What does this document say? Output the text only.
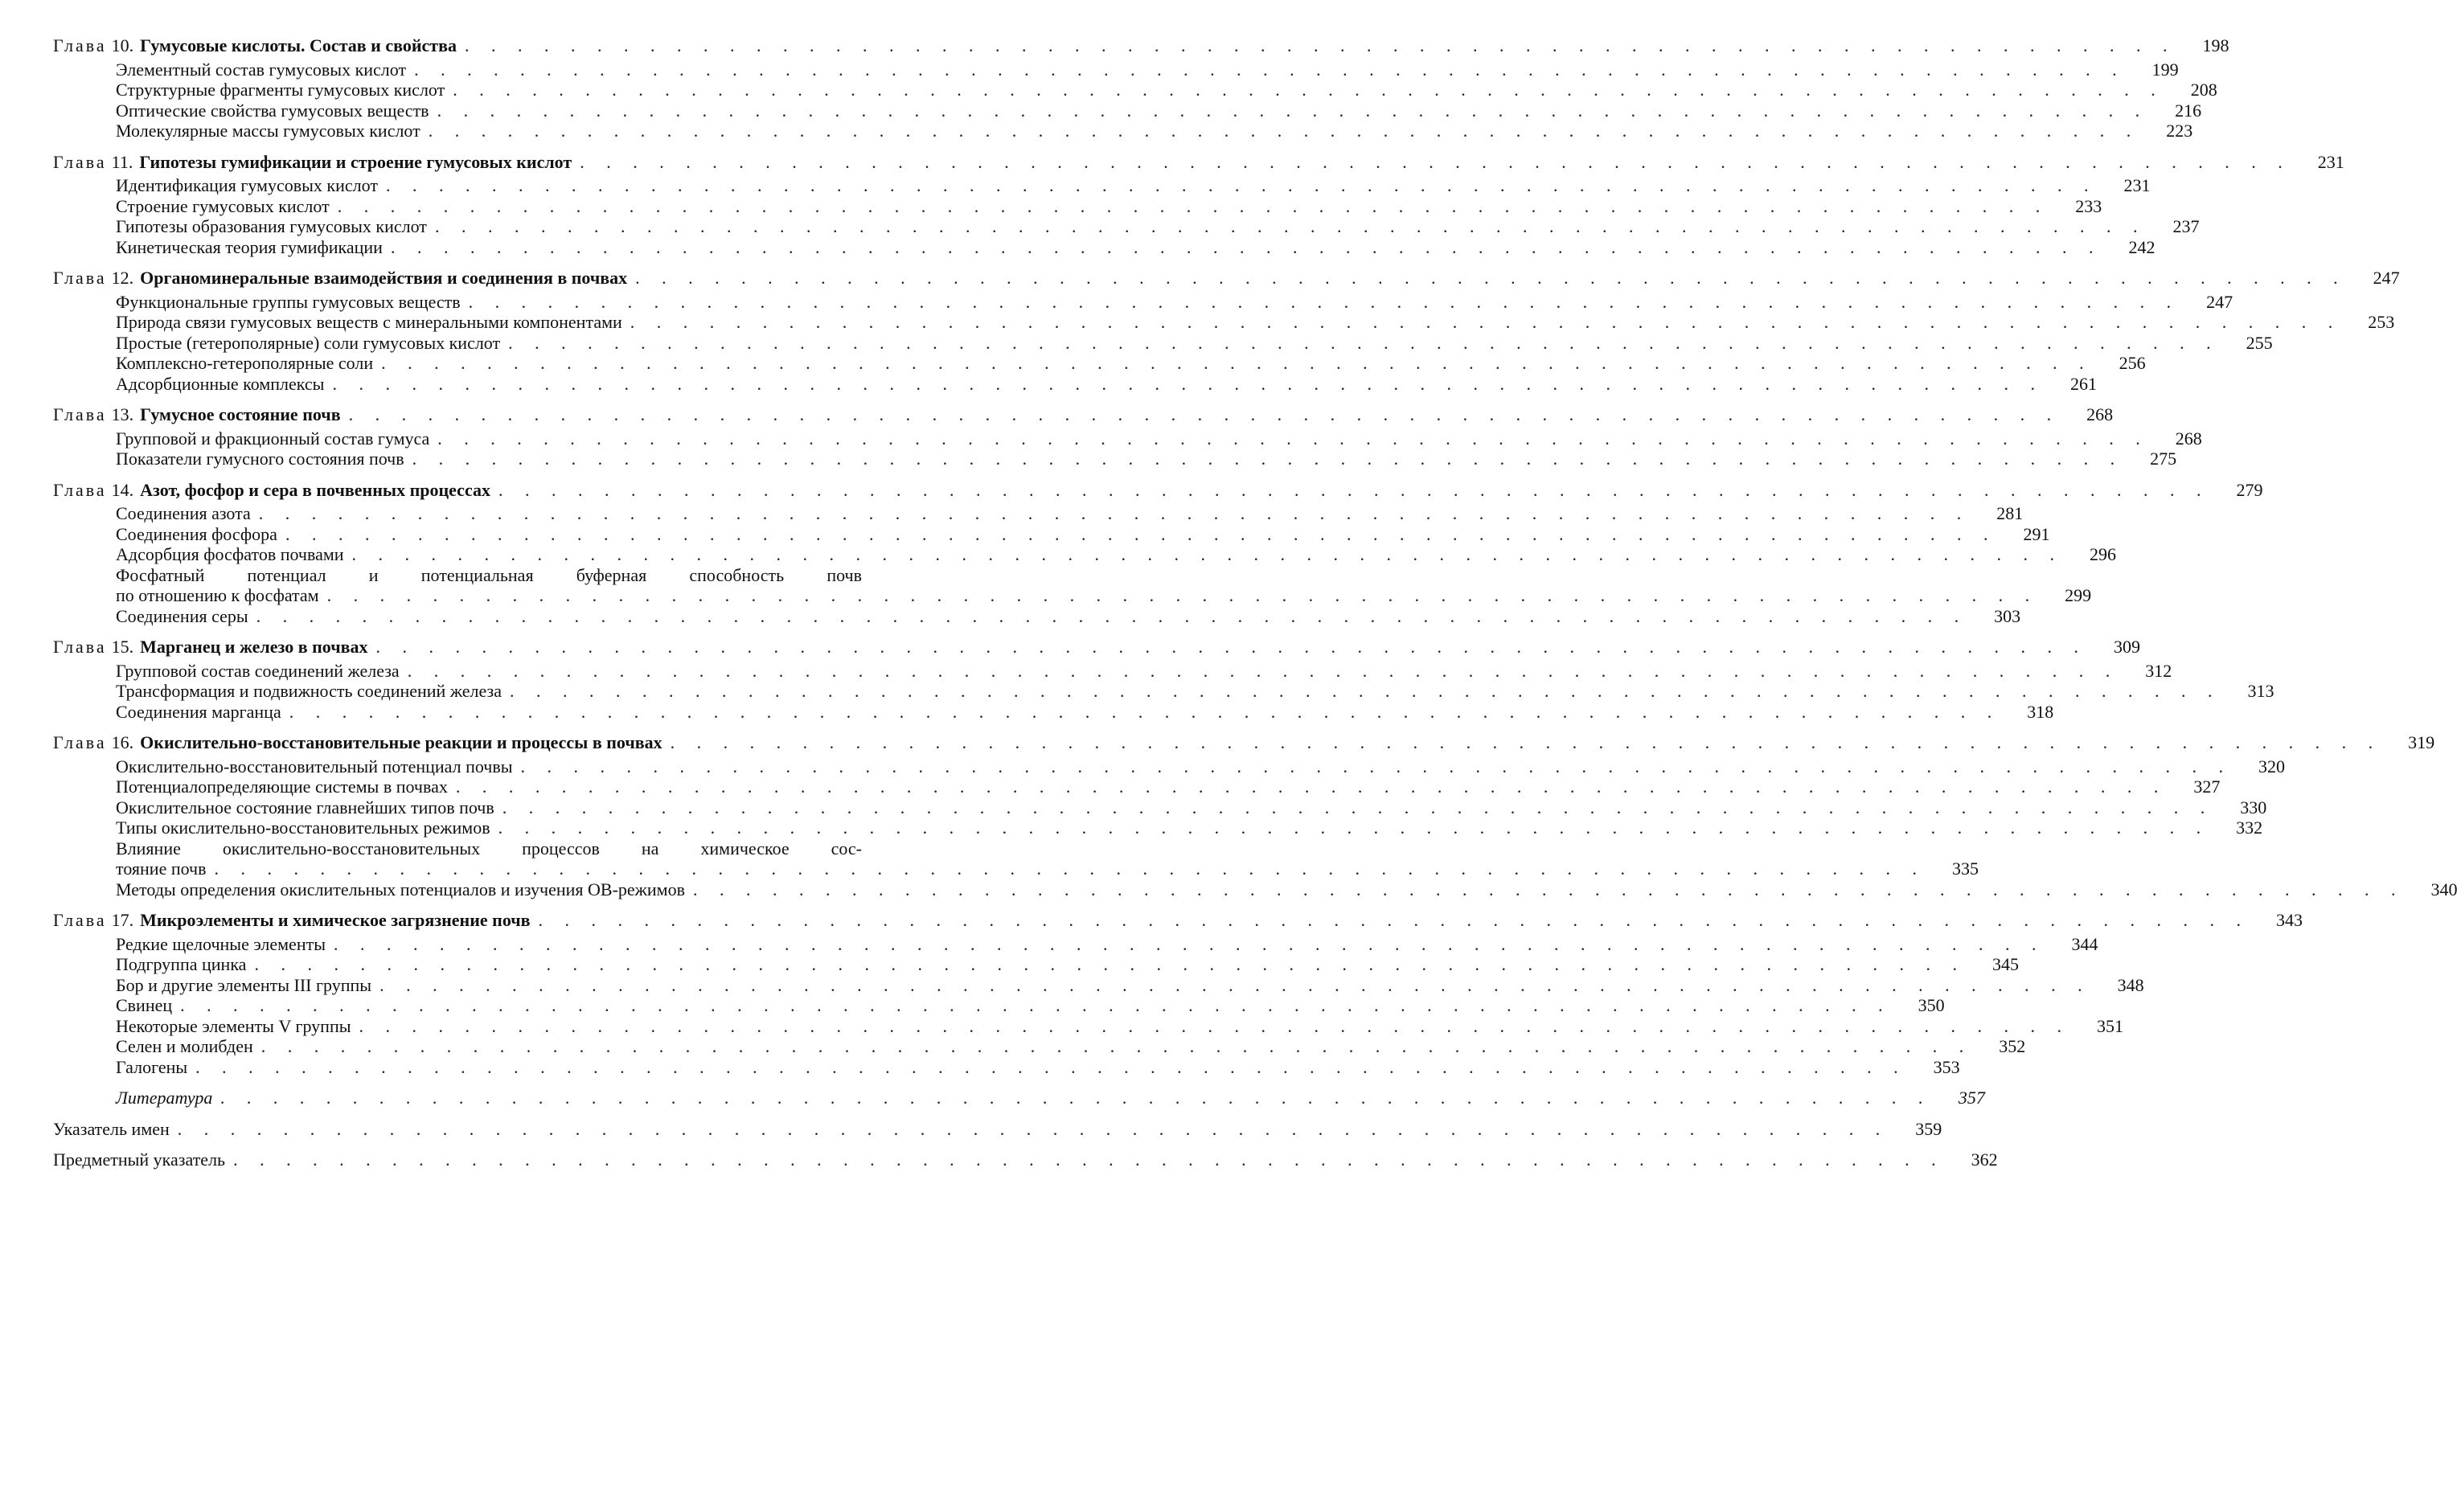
Глава 10. Гумусовые кислоты. Состав и свойства . . . . . . . . . . . . . . . . . . . . . . . . . . . . . . . . . . . . . . . . . . . . . . . . . . . . . . . . . . . . . . . . .	198
Элементный состав гумусовых кислот . . . . . . . . . . . . . . . . . . . . . . . . . . . . . . . . . . . . . . . . . . . . . . . . . . . . . . . . . . . . . . . . .	199
Структурные фрагменты гумусовых кислот . . . . . . . . . . . . . . . . . . . . . . . . . . . . . . . . . . . . . . . . . . . . . . . . . . . . . . . . . . . . . . . . .	208
Оптические свойства гумусовых веществ . . . . . . . . . . . . . . . . . . . . . . . . . . . . . . . . . . . . . . . . . . . . . . . . . . . . . . . . . . . . . . . . .	216
Молекулярные массы гумусовых кислот . . . . . . . . . . . . . . . . . . . . . . . . . . . . . . . . . . . . . . . . . . . . . . . . . . . . . . . . . . . . . . . . .	223
Глава 11. Гипотезы гумификации и строение гумусовых кислот . . . . . . . . . . . . . . . . . . . . . . . . . . . . . . . . . . . . . . . . . . . . . . . . . . . . . . . . . . . . . . . . .	231
Идентификация гумусовых кислот . . . . . . . . . . . . . . . . . . . . . . . . . . . . . . . . . . . . . . . . . . . . . . . . . . . . . . . . . . . . . . . . .	231
Строение гумусовых кислот . . . . . . . . . . . . . . . . . . . . . . . . . . . . . . . . . . . . . . . . . . . . . . . . . . . . . . . . . . . . . . . . .	233
Гипотезы образования гумусовых кислот . . . . . . . . . . . . . . . . . . . . . . . . . . . . . . . . . . . . . . . . . . . . . . . . . . . . . . . . . . . . . . . . .	237
Кинетическая теория гумификации . . . . . . . . . . . . . . . . . . . . . . . . . . . . . . . . . . . . . . . . . . . . . . . . . . . . . . . . . . . . . . . . .	242
Глава 12. Органоминеральные взаимодействия и соединения в почвах . . . . . . . . . . . . . . . . . . . . . . . . . . . . . . . . . . . . . . . . . . . . . . . . . . . . . . . . . . . . . . . . .	247
Функциональные группы гумусовых веществ . . . . . . . . . . . . . . . . . . . . . . . . . . . . . . . . . . . . . . . . . . . . . . . . . . . . . . . . . . . . . . . . .	247
Природа связи гумусовых веществ с минеральными компонентами . . . . . . . . . . . . . . . . . . . . . . . . . . . . . . . . . . . . . . . . . . . . . . . . . . . . . . . . . . . . . . . . .	253
Простые (гетерополярные) соли гумусовых кислот . . . . . . . . . . . . . . . . . . . . . . . . . . . . . . . . . . . . . . . . . . . . . . . . . . . . . . . . . . . . . . . . .	255
Комплексно-гетерополярные соли . . . . . . . . . . . . . . . . . . . . . . . . . . . . . . . . . . . . . . . . . . . . . . . . . . . . . . . . . . . . . . . . .	256
Адсорбционные комплексы . . . . . . . . . . . . . . . . . . . . . . . . . . . . . . . . . . . . . . . . . . . . . . . . . . . . . . . . . . . . . . . . .	261
Глава 13. Гумусное состояние почв . . . . . . . . . . . . . . . . . . . . . . . . . . . . . . . . . . . . . . . . . . . . . . . . . . . . . . . . . . . . . . . . .	268
Групповой и фракционный состав гумуса . . . . . . . . . . . . . . . . . . . . . . . . . . . . . . . . . . . . . . . . . . . . . . . . . . . . . . . . . . . . . . . . .	268
Показатели гумусного состояния почв . . . . . . . . . . . . . . . . . . . . . . . . . . . . . . . . . . . . . . . . . . . . . . . . . . . . . . . . . . . . . . . . .	275
Глава 14. Азот, фосфор и сера в почвенных процессах . . . . . . . . . . . . . . . . . . . . . . . . . . . . . . . . . . . . . . . . . . . . . . . . . . . . . . . . . . . . . . . . .	279
Соединения азота . . . . . . . . . . . . . . . . . . . . . . . . . . . . . . . . . . . . . . . . . . . . . . . . . . . . . . . . . . . . . . . . .	281
Соединения фосфора . . . . . . . . . . . . . . . . . . . . . . . . . . . . . . . . . . . . . . . . . . . . . . . . . . . . . . . . . . . . . . . . .	291
Адсорбция фосфатов почвами . . . . . . . . . . . . . . . . . . . . . . . . . . . . . . . . . . . . . . . . . . . . . . . . . . . . . . . . . . . . . . . . .	296
Фосфатный потенциал и потенциальная буферная способность почв
по отношению к фосфатам . . . . . . . . . . . . . . . . . . . . . . . . . . . . . . . . . . . . . . . . . . . . . . . . . . . . . . . . . . . . . . . . .	299
Соединения серы . . . . . . . . . . . . . . . . . . . . . . . . . . . . . . . . . . . . . . . . . . . . . . . . . . . . . . . . . . . . . . . . .	303
Глава 15. Марганец и железо в почвах . . . . . . . . . . . . . . . . . . . . . . . . . . . . . . . . . . . . . . . . . . . . . . . . . . . . . . . . . . . . . . . . .	309
Групповой состав соединений железа . . . . . . . . . . . . . . . . . . . . . . . . . . . . . . . . . . . . . . . . . . . . . . . . . . . . . . . . . . . . . . . . .	312
Трансформация и подвижность соединений железа . . . . . . . . . . . . . . . . . . . . . . . . . . . . . . . . . . . . . . . . . . . . . . . . . . . . . . . . . . . . . . . . .	313
Соединения марганца . . . . . . . . . . . . . . . . . . . . . . . . . . . . . . . . . . . . . . . . . . . . . . . . . . . . . . . . . . . . . . . . .	318
Глава 16. Окислительно-восстановительные реакции и процессы в почвах . . . . . . . . . . . . . . . . . . . . . . . . . . . . . . . . . . . . . . . . . . . . . . . . . . . . . . . . . . . . . . . . .	319
Окислительно-восстановительный потенциал почвы . . . . . . . . . . . . . . . . . . . . . . . . . . . . . . . . . . . . . . . . . . . . . . . . . . . . . . . . . . . . . . . . .	320
Потенциалопределяющие системы в почвах . . . . . . . . . . . . . . . . . . . . . . . . . . . . . . . . . . . . . . . . . . . . . . . . . . . . . . . . . . . . . . . . .	327
Окислительное состояние главнейших типов почв . . . . . . . . . . . . . . . . . . . . . . . . . . . . . . . . . . . . . . . . . . . . . . . . . . . . . . . . . . . . . . . . .	330
Типы окислительно-восстановительных режимов . . . . . . . . . . . . . . . . . . . . . . . . . . . . . . . . . . . . . . . . . . . . . . . . . . . . . . . . . . . . . . . . .	332
Влияние окислительно-восстановительных процессов на химическое сос-
тояние почв . . . . . . . . . . . . . . . . . . . . . . . . . . . . . . . . . . . . . . . . . . . . . . . . . . . . . . . . . . . . . . . . .	335
Методы определения окислительных потенциалов и изучения ОВ-режимов . . . . . . . . . . . . . . . . . . . . . . . . . . . . . . . . . . . . . . . . . . . . . . . . . . . . . . . . . . . . . . . . .	340
Глава 17. Микроэлементы и химическое загрязнение почв . . . . . . . . . . . . . . . . . . . . . . . . . . . . . . . . . . . . . . . . . . . . . . . . . . . . . . . . . . . . . . . . .	343
Редкие щелочные элементы . . . . . . . . . . . . . . . . . . . . . . . . . . . . . . . . . . . . . . . . . . . . . . . . . . . . . . . . . . . . . . . . .	344
Подгруппа цинка . . . . . . . . . . . . . . . . . . . . . . . . . . . . . . . . . . . . . . . . . . . . . . . . . . . . . . . . . . . . . . . . .	345
Бор и другие элементы III группы . . . . . . . . . . . . . . . . . . . . . . . . . . . . . . . . . . . . . . . . . . . . . . . . . . . . . . . . . . . . . . . . .	348
Свинец . . . . . . . . . . . . . . . . . . . . . . . . . . . . . . . . . . . . . . . . . . . . . . . . . . . . . . . . . . . . . . . . .	350
Некоторые элементы V группы . . . . . . . . . . . . . . . . . . . . . . . . . . . . . . . . . . . . . . . . . . . . . . . . . . . . . . . . . . . . . . . . .	351
Селен и молибден . . . . . . . . . . . . . . . . . . . . . . . . . . . . . . . . . . . . . . . . . . . . . . . . . . . . . . . . . . . . . . . . .	352
Галогены . . . . . . . . . . . . . . . . . . . . . . . . . . . . . . . . . . . . . . . . . . . . . . . . . . . . . . . . . . . . . . . . .	353
Литература . . . . . . . . . . . . . . . . . . . . . . . . . . . . . . . . . . . . . . . . . . . . . . . . . . . . . . . . . . . . . . . . .	357
Указатель имен . . . . . . . . . . . . . . . . . . . . . . . . . . . . . . . . . . . . . . . . . . . . . . . . . . . . . . . . . . . . . . . . .	359
Предметный указатель . . . . . . . . . . . . . . . . . . . . . . . . . . . . . . . . . . . . . . . . . . . . . . . . . . . . . . . . . . . . . . . . .	362
